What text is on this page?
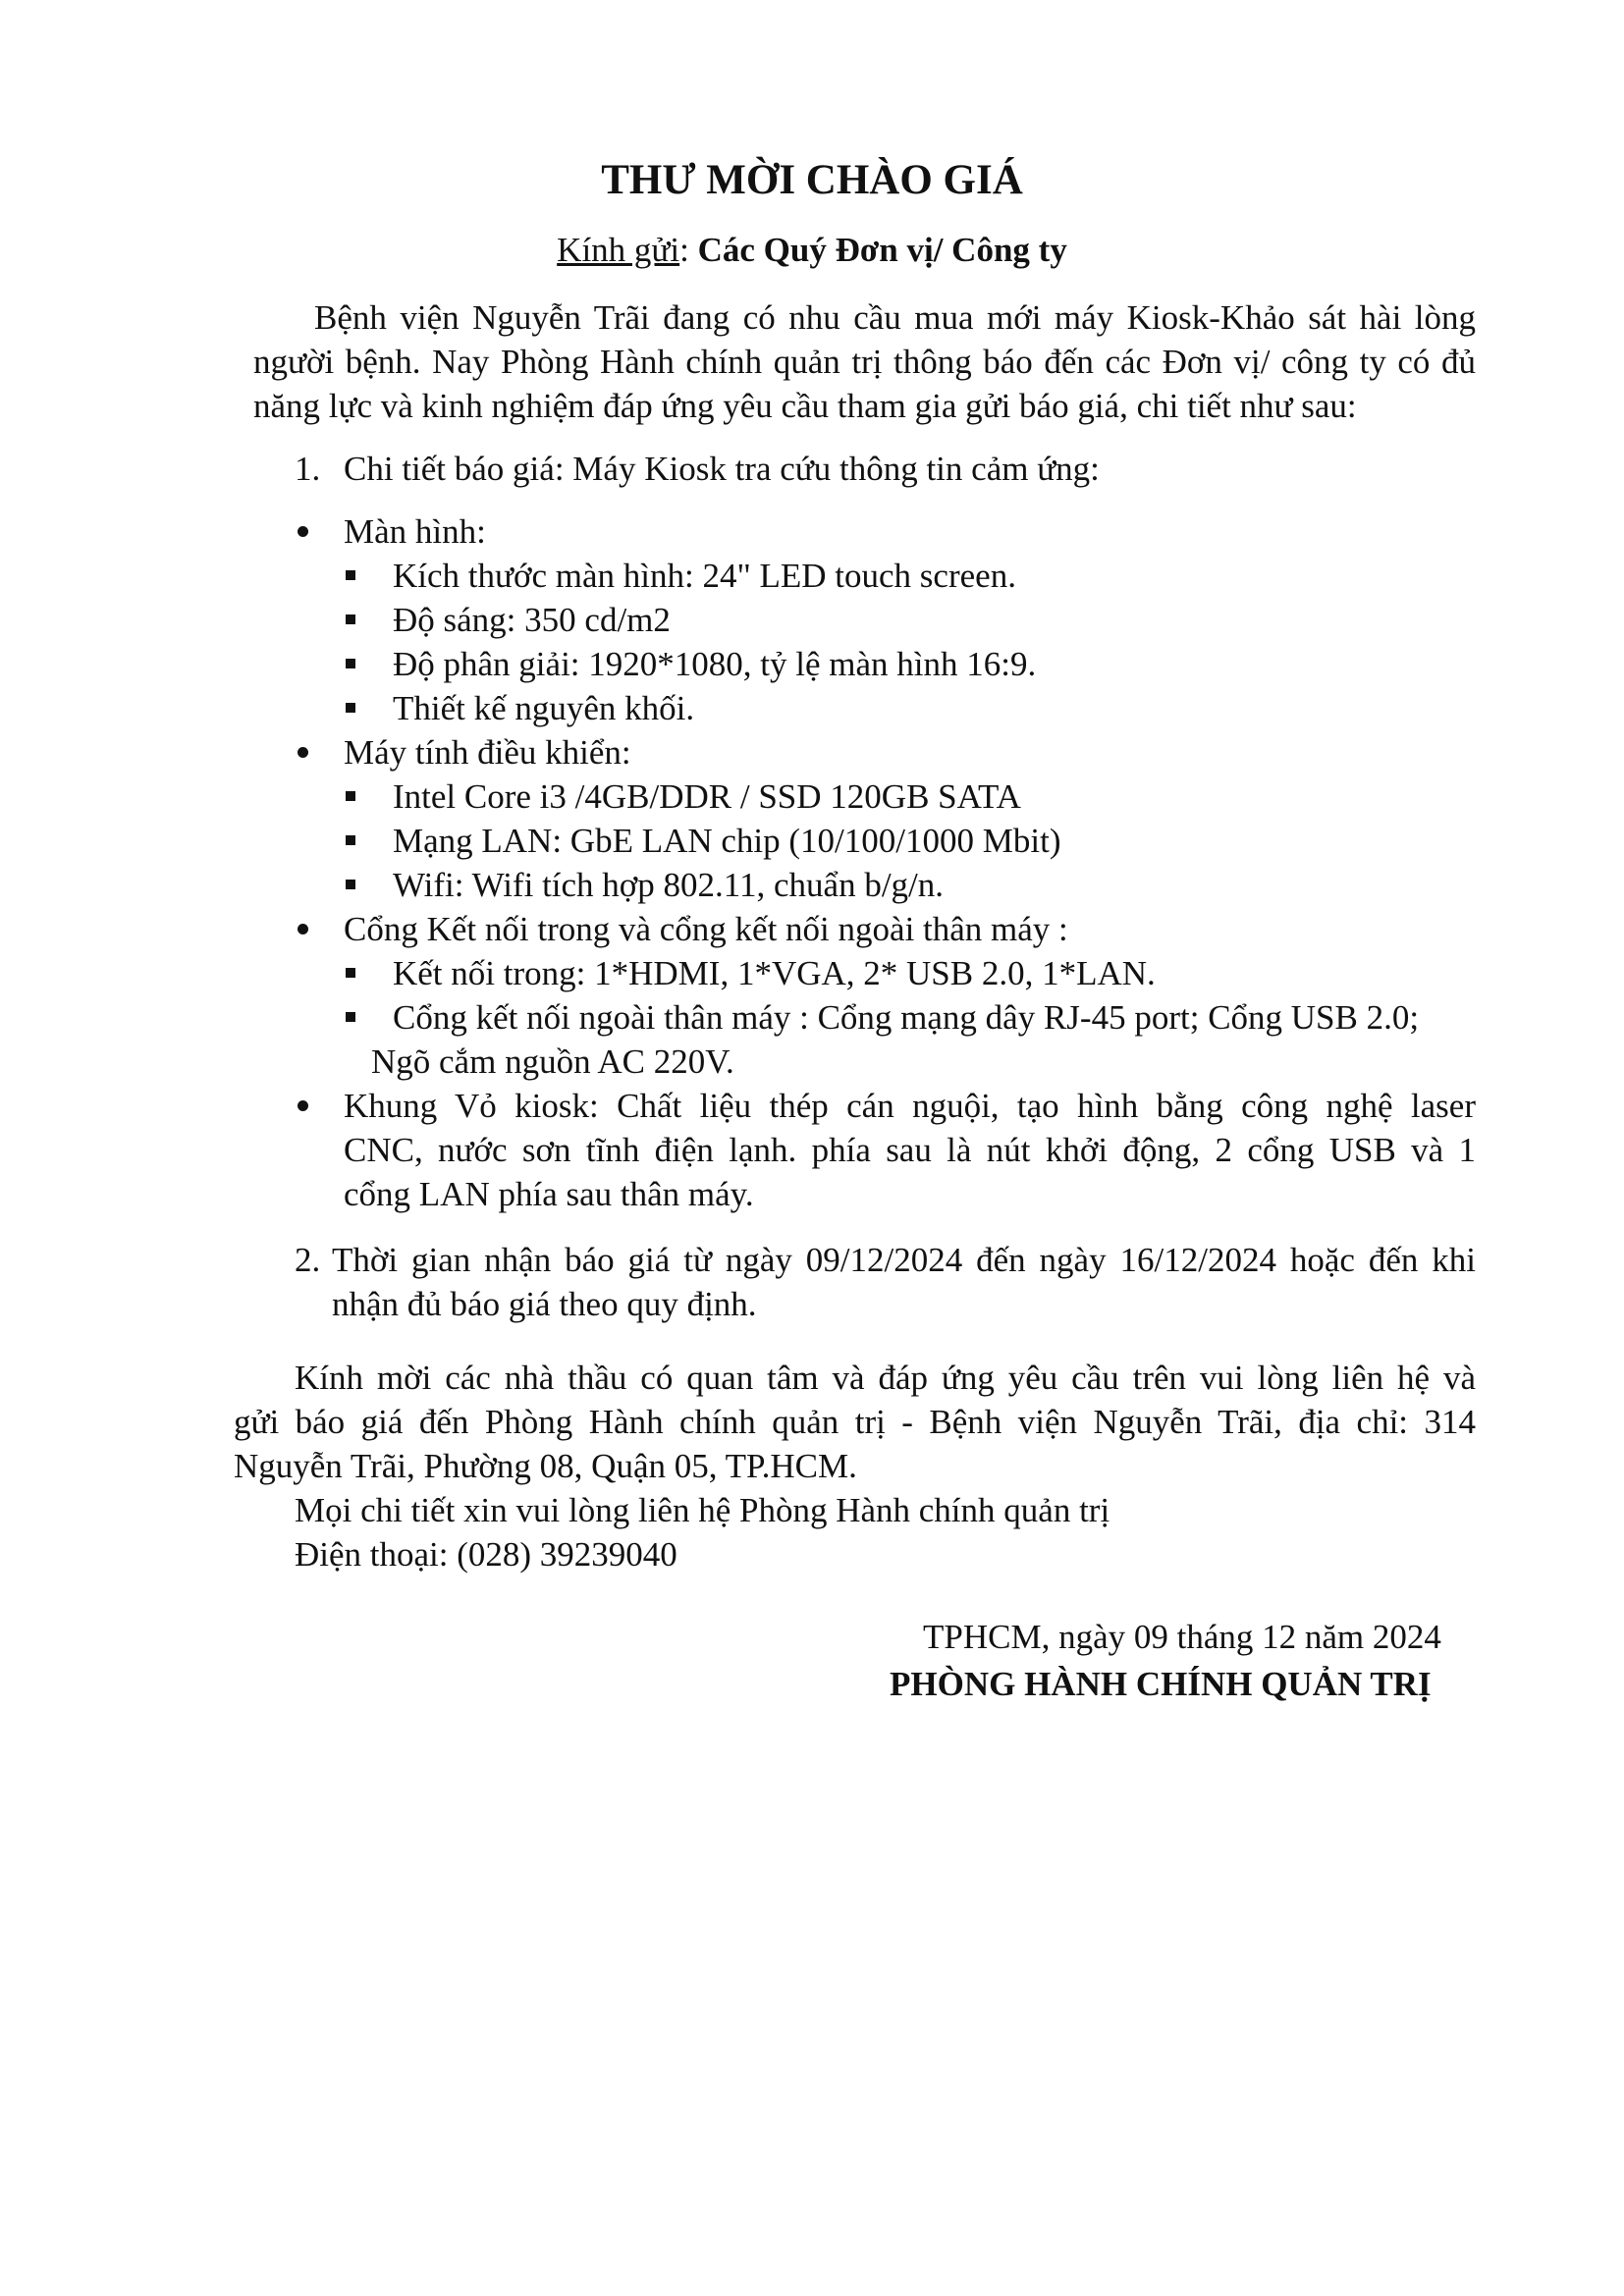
THƯ MỜI CHÀO GIÁ
Kính gửi: Các Quý Đơn vị/ Công ty
Bệnh viện Nguyễn Trãi đang có nhu cầu mua mới máy Kiosk-Khảo sát hài lòng
người bệnh. Nay Phòng Hành chính quản trị thông báo đến các Đơn vị/ công ty có đủ
năng lực và kinh nghiệm đáp ứng yêu cầu tham gia gửi báo giá, chi tiết như sau:
1. Chi tiết báo giá: Máy Kiosk tra cứu thông tin cảm ứng:
Màn hình:
Kích thước màn hình: 24" LED touch screen.
Độ sáng: 350 cd/m2
Độ phân giải: 1920*1080, tỷ lệ màn hình 16:9.
Thiết kế nguyên khối.
Máy tính điều khiển:
Intel Core i3 /4GB/DDR / SSD 120GB SATA
Mạng LAN: GbE LAN chip (10/100/1000 Mbit)
Wifi: Wifi tích hợp 802.11, chuẩn b/g/n.
Cổng Kết nối trong và cổng kết nối ngoài thân máy :
Kết nối trong: 1*HDMI, 1*VGA, 2* USB 2.0, 1*LAN.
Cổng kết nối ngoài thân máy : Cổng mạng dây RJ-45 port; Cổng USB 2.0;
Ngõ cắm nguồn AC 220V.
Khung Vỏ kiosk: Chất liệu thép cán nguội, tạo hình bằng công nghệ laser
CNC, nước sơn tĩnh điện lạnh. phía sau là nút khởi động, 2 cổng USB và 1
cổng LAN phía sau thân máy.
2. Thời gian nhận báo giá từ ngày 09/12/2024 đến ngày 16/12/2024 hoặc đến khi
nhận đủ báo giá theo quy định.
Kính mời các nhà thầu có quan tâm và đáp ứng yêu cầu trên vui lòng liên hệ và
gửi báo giá đến Phòng Hành chính quản trị - Bệnh viện Nguyễn Trãi, địa chỉ: 314
Nguyễn Trãi, Phường 08, Quận 05, TP.HCM.
Mọi chi tiết xin vui lòng liên hệ Phòng Hành chính quản trị
Điện thoại: (028) 39239040
TPHCM, ngày 09 tháng 12 năm 2024
PHÒNG HÀNH CHÍNH QUẢN TRỊ
